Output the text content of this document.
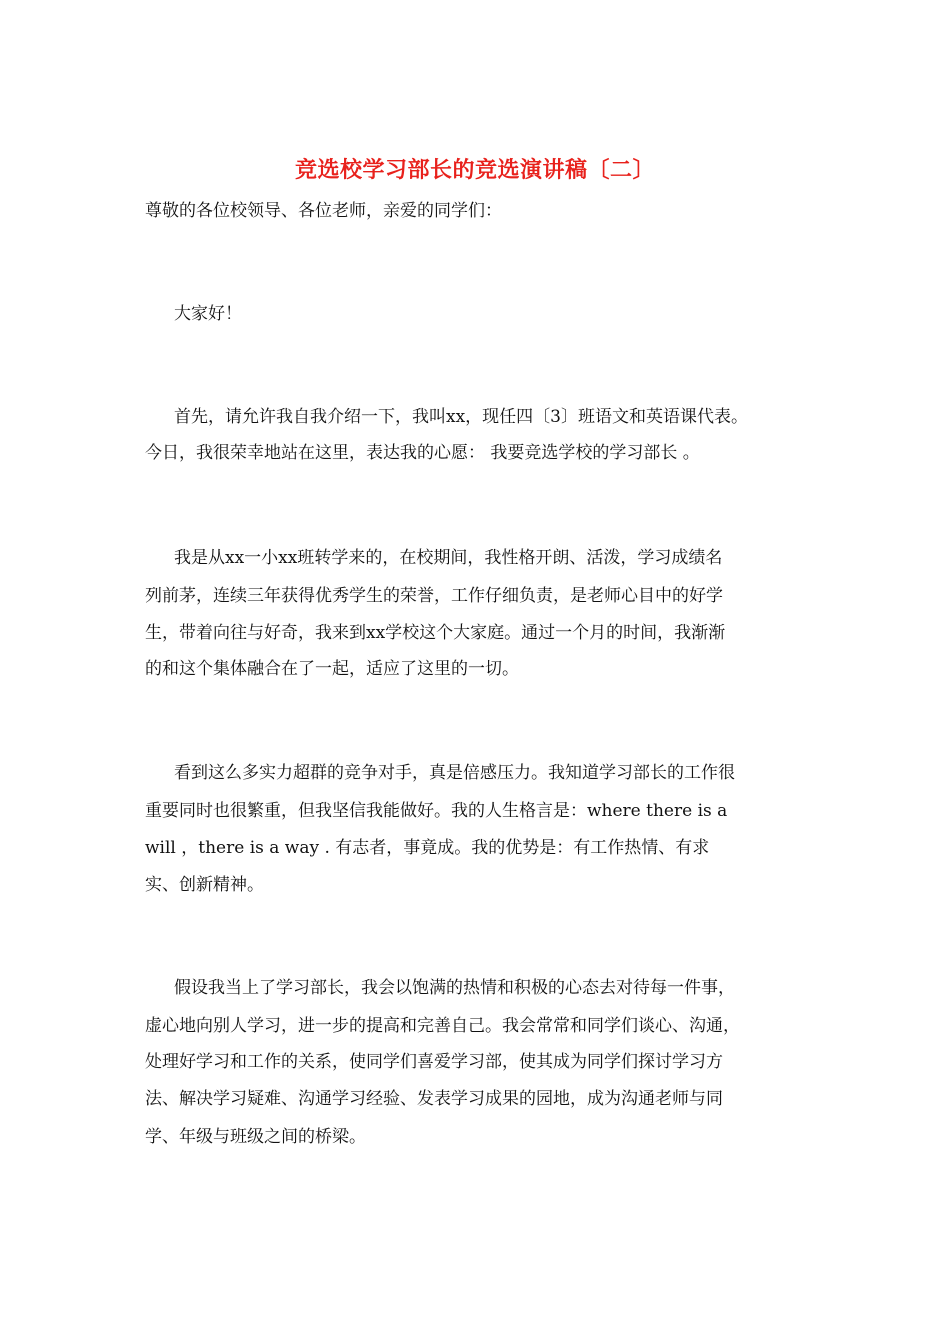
竞选校学习部长的竞选演讲稿〔二〕
尊敬的各位校领导、各位老师，亲爱的同学们：
大家好！
首先，请允许我自我介绍一下，我叫xx，现任四〔3〕班语文和英语课代表。
今日，我很荣幸地站在这里，表达我的心愿： 我要竞选学校的学习部长 。
我是从xx一小xx班转学来的，在校期间，我性格开朗、活泼，学习成绩名
列前茅，连续三年获得优秀学生的荣誉，工作仔细负责，是老师心目中的好学
生，带着向往与好奇，我来到xx学校这个大家庭。通过一个月的时间，我渐渐
的和这个集体融合在了一起，适应了这里的一切。
看到这么多实力超群的竞争对手，真是倍感压力。我知道学习部长的工作很
重要同时也很繁重，但我坚信我能做好。我的人生格言是：where there is a
will ，there is a way . 有志者，事竟成。我的优势是：有工作热情、有求
实、创新精神。
假设我当上了学习部长，我会以饱满的热情和积极的心态去对待每一件事，
虚心地向别人学习，进一步的提高和完善自己。我会常常和同学们谈心、沟通，
处理好学习和工作的关系，使同学们喜爱学习部，使其成为同学们探讨学习方
法、解决学习疑难、沟通学习经验、发表学习成果的园地，成为沟通老师与同
学、年级与班级之间的桥梁。
